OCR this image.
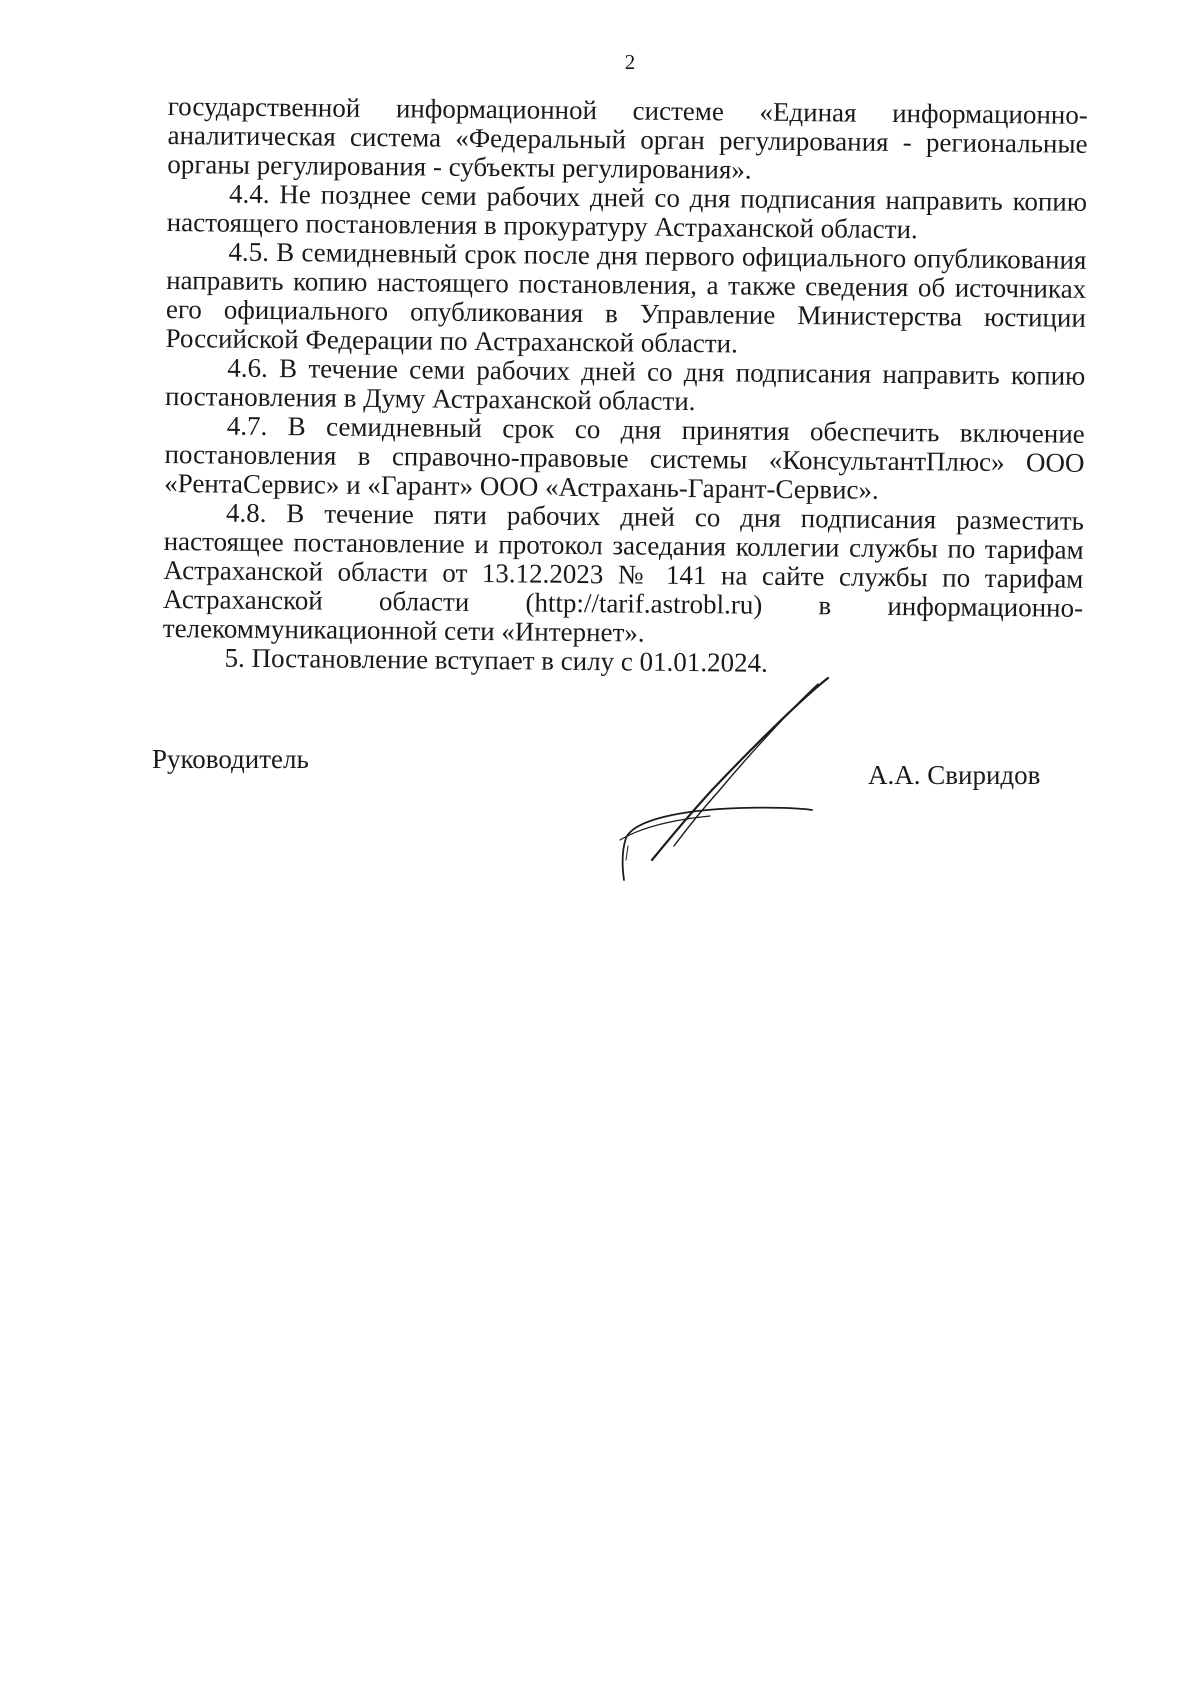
2

государственной информационной системе «Единая информационно-аналитическая система «Федеральный орган регулирования - региональные органы регулирования - субъекты регулирования».

4.4. Не позднее семи рабочих дней со дня подписания направить копию настоящего постановления в прокуратуру Астраханской области.

4.5. В семидневный срок после дня первого официального опубликования направить копию настоящего постановления, а также сведения об источниках его официального опубликования в Управление Министерства юстиции Российской Федерации по Астраханской области.

4.6. В течение семи рабочих дней со дня подписания направить копию постановления в Думу Астраханской области.

4.7. В семидневный срок со дня принятия обеспечить включение постановления в справочно-правовые системы «КонсультантПлюс» ООО «РентаСервис» и «Гарант» ООО «Астрахань-Гарант-Сервис».

4.8. В течение пяти рабочих дней со дня подписания разместить настоящее постановление и протокол заседания коллегии службы по тарифам Астраханской области от 13.12.2023 № 141 на сайте службы по тарифам Астраханской области (http://tarif.astrobl.ru) в информационно-телекоммуникационной сети «Интернет».

5. Постановление вступает в силу с 01.01.2024.

Руководитель
А.А. Свиридов
